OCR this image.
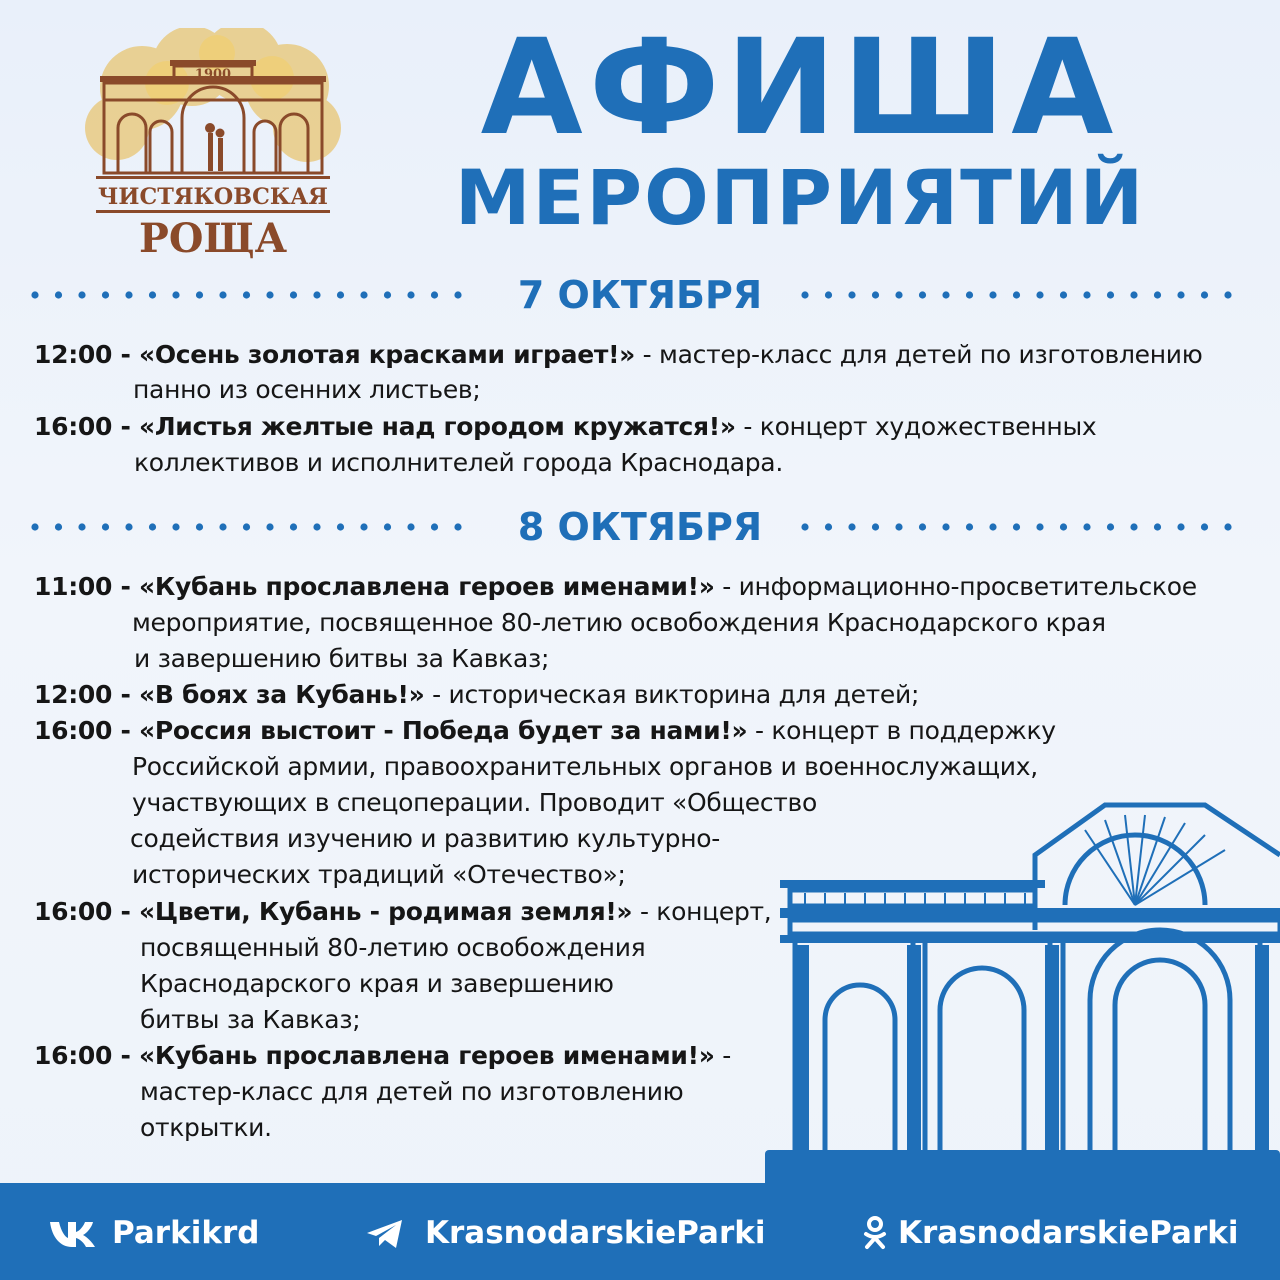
1900
ЧИСТЯКОВСКАЯ
РОЩА
АФИША
МЕРОПРИЯТИЙ
7 ОКТЯБРЯ
12:00 - «Осень золотая красками играет!» - мастер-класс для детей по изготовлению
панно из осенних листьев;
16:00 - «Листья желтые над городом кружатся!» - концерт художественных
коллективов и исполнителей города Краснодара.
8 ОКТЯБРЯ
11:00 - «Кубань прославлена героев именами!» - информационно-просветительское
мероприятие, посвященное 80-летию освобождения Краснодарского края
и завершению битвы за Кавказ;
12:00 - «В боях за Кубань!» - историческая викторина для детей;
16:00 - «Россия выстоит - Победа будет за нами!» - концерт в поддержку
Российской армии, правоохранительных органов и военнослужащих,
участвующих в спецоперации. Проводит «Общество
содействия изучению и развитию культурно-
исторических традиций «Отечество»;
16:00 - «Цвети, Кубань - родимая земля!» - концерт,
посвященный 80-летию освобождения
Краснодарского края и завершению
битвы за Кавказ;
16:00 - «Кубань прославлена героев именами!» -
мастер-класс для детей по изготовлению
открытки.
Parkikrd	KrasnodarskieParki	KrasnodarskieParki
